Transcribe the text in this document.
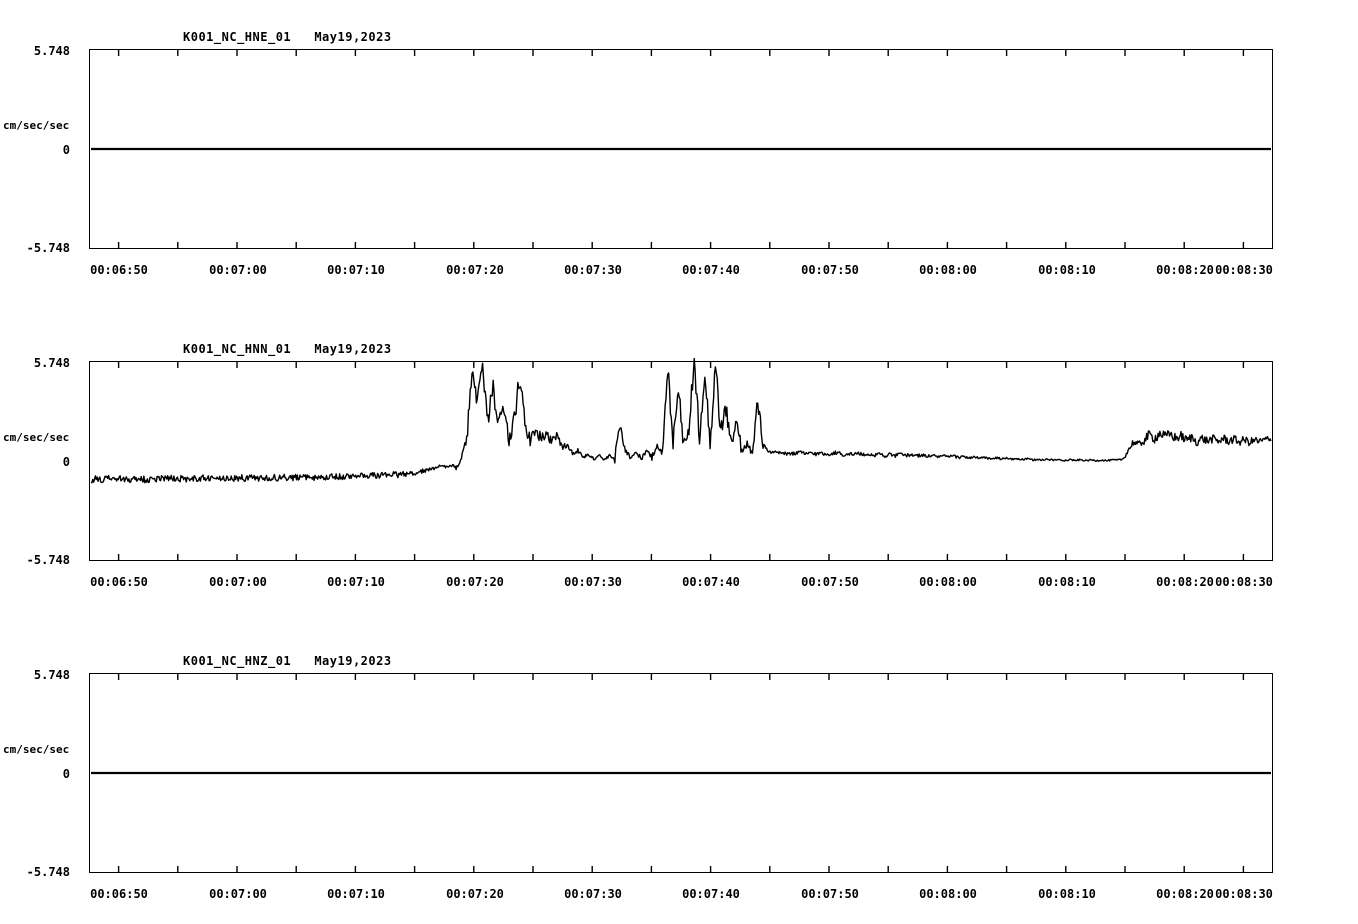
K001_NC_HNE_01   May19,2023
cm/sec/sec
5.748
0
-5.748
00:06:50	00:07:00	00:07:10	00:07:20	00:07:30	00:07:40	00:07:50	00:08:00	00:08:10	00:08:20 00:08:30
K001_NC_HNN_01   May19,2023
cm/sec/sec
5.748
0
-5.748
00:06:50	00:07:00	00:07:10	00:07:20	00:07:30	00:07:40	00:07:50	00:08:00	00:08:10	00:08:20 00:08:30
K001_NC_HNZ_01   May19,2023
cm/sec/sec
5.748
0
-5.748
00:06:50	00:07:00	00:07:10	00:07:20	00:07:30	00:07:40	00:07:50	00:08:00	00:08:10	00:08:20 00:08:30
